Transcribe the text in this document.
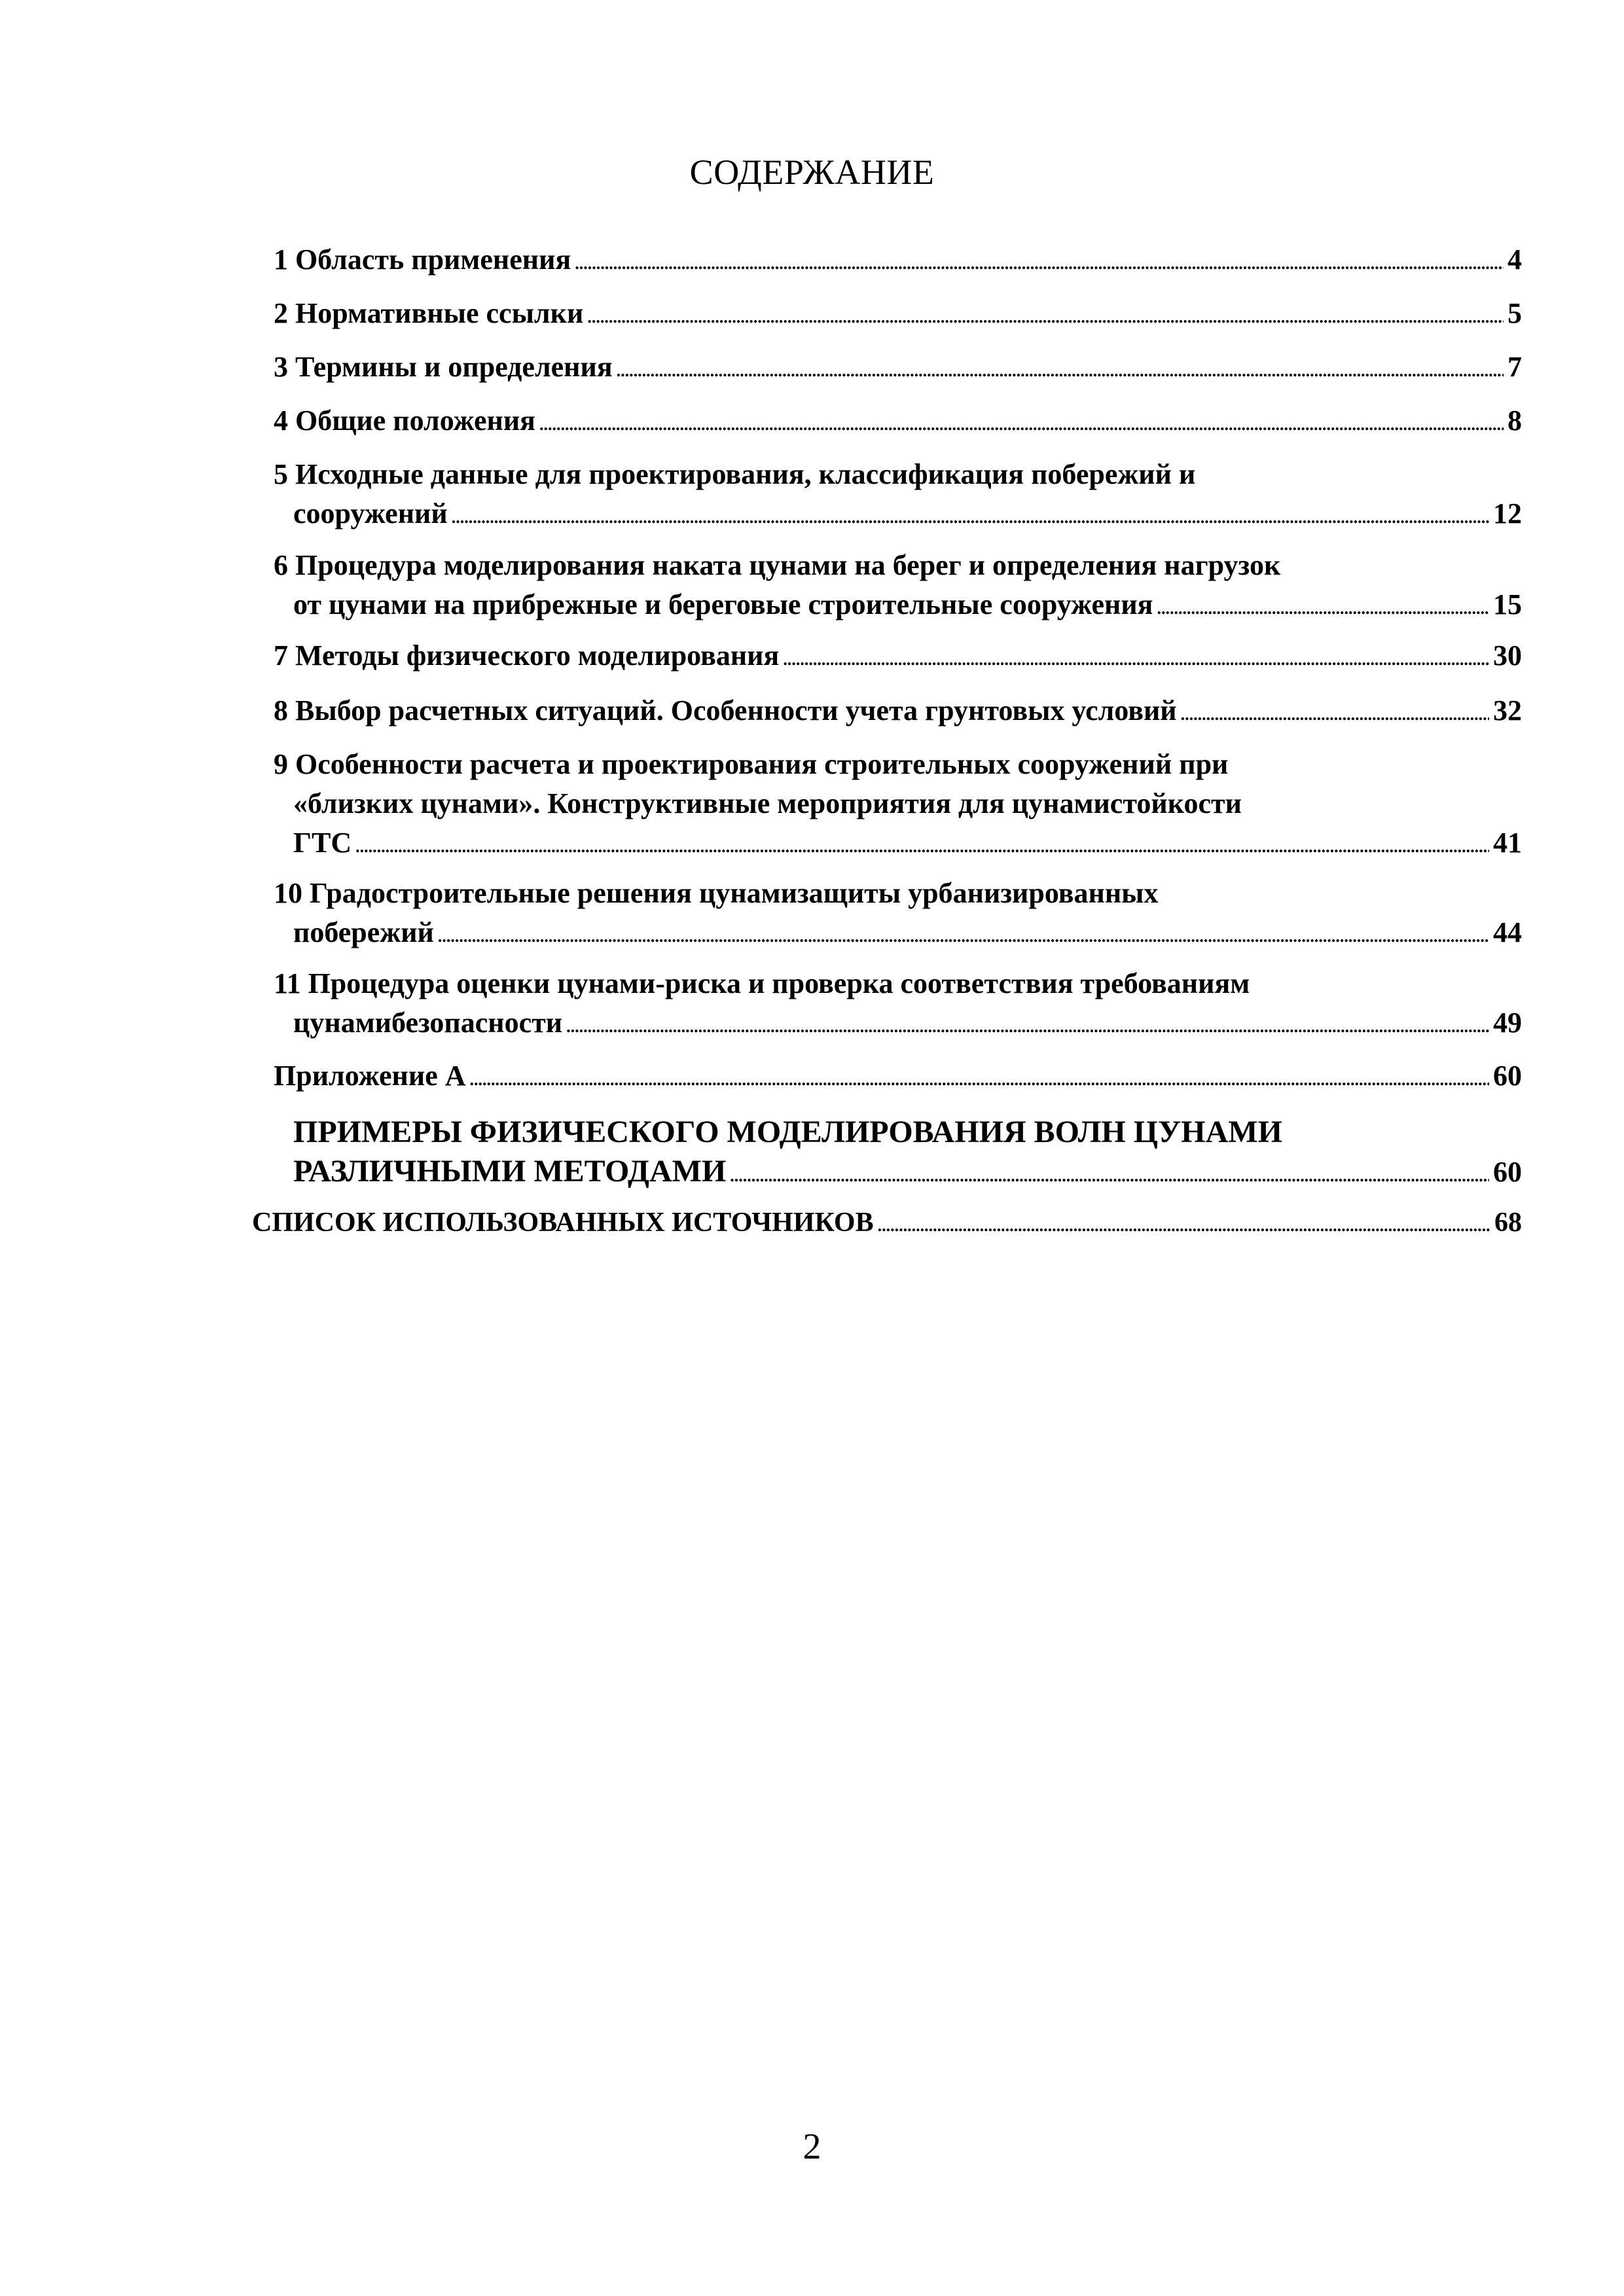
СОДЕРЖАНИЕ
1 Область применения .....	4
2 Нормативные ссылки .....	5
3 Термины и определения .....	7
4 Общие положения .....	8
5 Исходные данные для проектирования, классификация побережий и
сооружений .....	12
6 Процедура моделирования наката цунами на берег и определения нагрузок
от цунами на прибрежные и береговые строительные сооружения .....	15
7 Методы физического моделирования .....	30
8 Выбор расчетных ситуаций. Особенности учета грунтовых условий .....	32
9 Особенности расчета и проектирования строительных сооружений при
«близких цунами». Конструктивные мероприятия для цунамистойкости
ГТС .....	41
10 Градостроительные решения цунамизащиты урбанизированных
побережий .....	44
11 Процедура оценки цунами-риска и проверка соответствия требованиям
цунамибезопасности .....	49
Приложение А .....	60
ПРИМЕРЫ ФИЗИЧЕСКОГО МОДЕЛИРОВАНИЯ ВОЛН ЦУНАМИ
РАЗЛИЧНЫМИ МЕТОДАМИ .....	60
СПИСОК ИСПОЛЬЗОВАННЫХ ИСТОЧНИКОВ .....	68
2
